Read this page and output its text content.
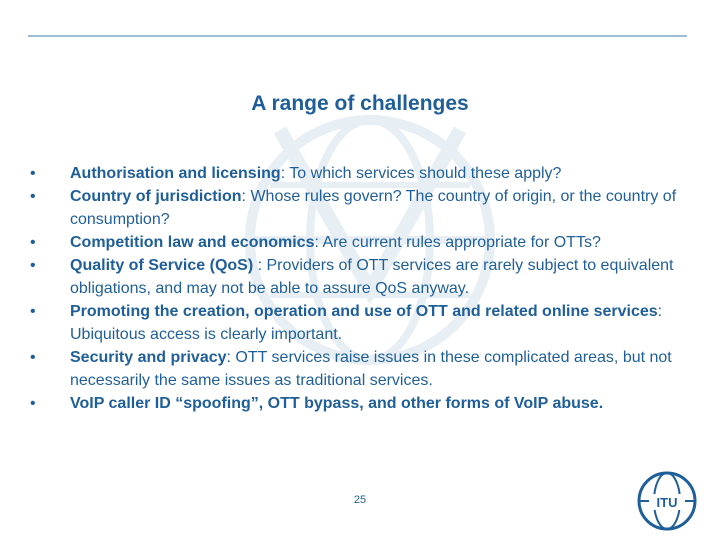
A range of challenges
•	Authorisation and licensing: To which services should these apply?
•	Country of jurisdiction: Whose rules govern? The country of origin, or the country of consumption?
•	Competition law and economics: Are current rules appropriate for OTTs?
•	Quality of Service (QoS) : Providers of OTT services are rarely subject to equivalent obligations, and may not be able to assure QoS anyway.
•	Promoting the creation, operation and use of OTT and related online services: Ubiquitous access is clearly important.
•	Security and privacy: OTT services raise issues in these complicated areas, but not necessarily the same issues as traditional services.
•	VoIP caller ID “spoofing”, OTT bypass, and other forms of VoIP abuse.
25	ITU
